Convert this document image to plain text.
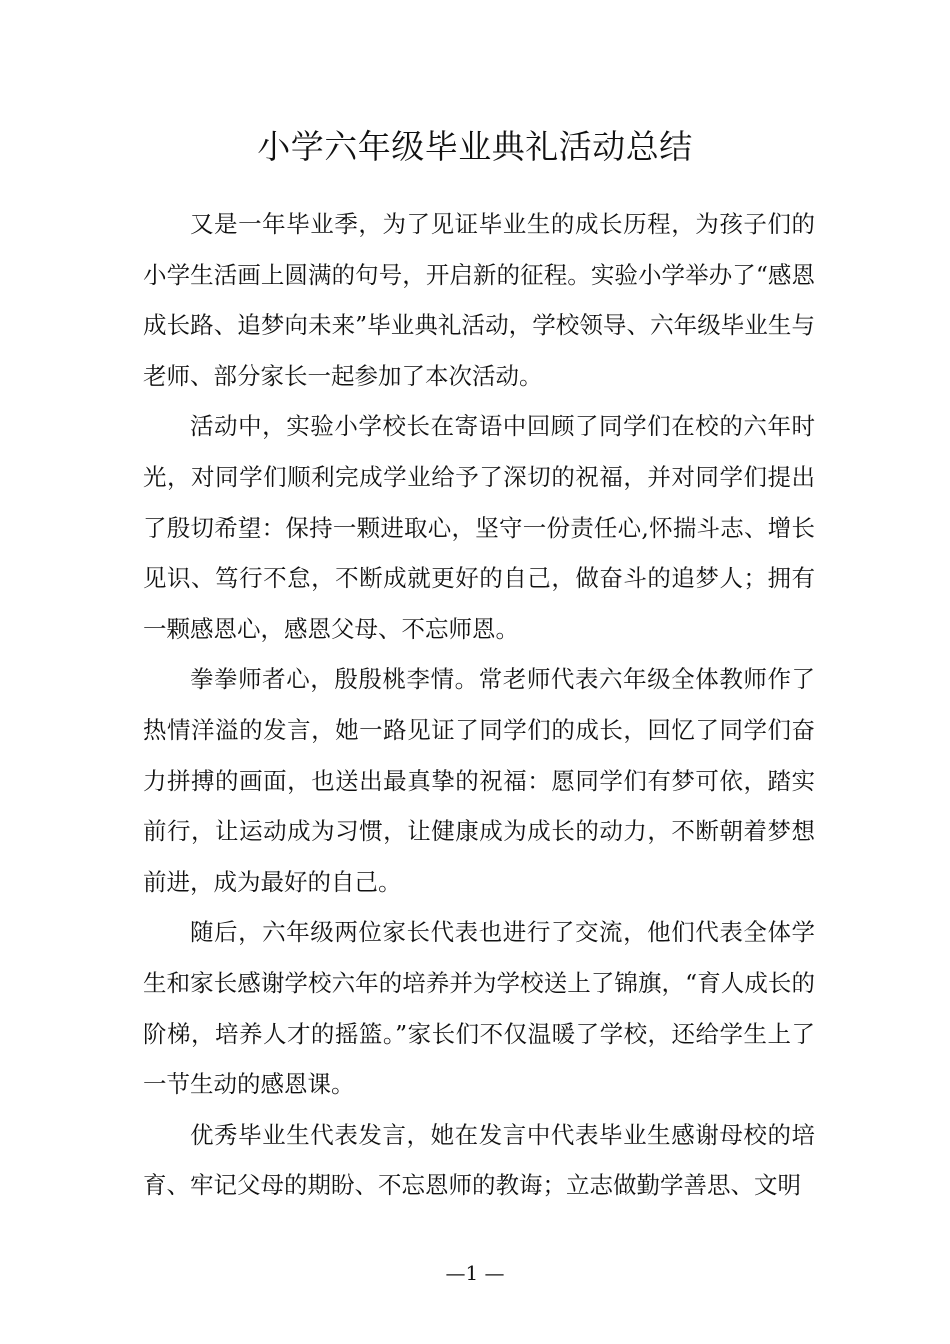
小学六年级毕业典礼活动总结

又是一年毕业季，为了见证毕业生的成长历程，为孩子们的小学生活画上圆满的句号，开启新的征程。实验小学举办了“感恩成长路、追梦向未来”毕业典礼活动，学校领导、六年级毕业生与老师、部分家长一起参加了本次活动。

活动中，实验小学校长在寄语中回顾了同学们在校的六年时光，对同学们顺利完成学业给予了深切的祝福，并对同学们提出了殷切希望：保持一颗进取心，坚守一份责任心,怀揣斗志、增长见识、笃行不怠，不断成就更好的自己，做奋斗的追梦人；拥有一颗感恩心，感恩父母、不忘师恩。

拳拳师者心，殷殷桃李情。常老师代表六年级全体教师作了热情洋溢的发言，她一路见证了同学们的成长，回忆了同学们奋力拼搏的画面，也送出最真挚的祝福：愿同学们有梦可依，踏实前行，让运动成为习惯，让健康成为成长的动力，不断朝着梦想前进，成为最好的自己。

随后，六年级两位家长代表也进行了交流，他们代表全体学生和家长感谢学校六年的培养并为学校送上了锦旗，“育人成长的阶梯，培养人才的摇篮。”家长们不仅温暖了学校，还给学生上了一节生动的感恩课。

优秀毕业生代表发言，她在发言中代表毕业生感谢母校的培育、牢记父母的期盼、不忘恩师的教诲；立志做勤学善思、文明

—1 —
